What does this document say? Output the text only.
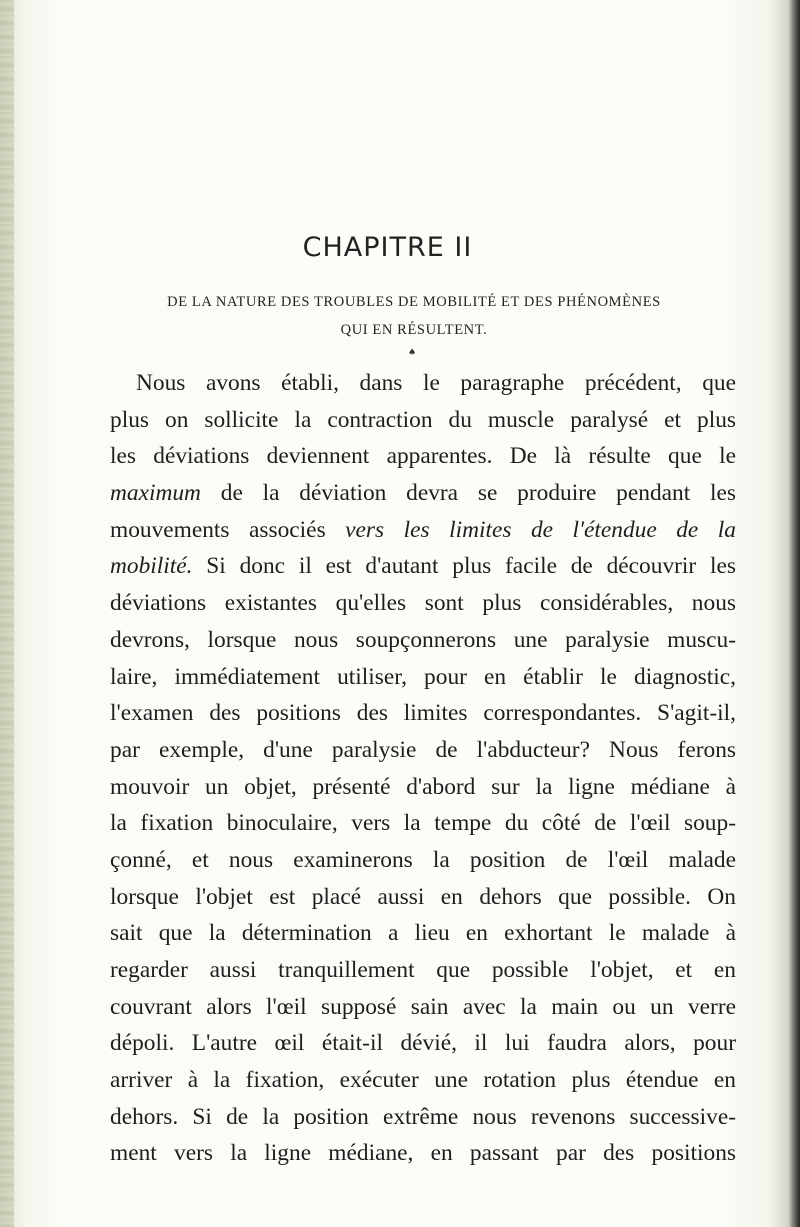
CHAPITRE II
DE LA NATURE DES TROUBLES DE MOBILITÉ ET DES PHÉNOMÈNES
QUI EN RÉSULTENT.
♠
Nous avons établi, dans le paragraphe précédent, que
plus on sollicite la contraction du muscle paralysé et plus
les déviations deviennent apparentes. De là résulte que le
maximum de la déviation devra se produire pendant les
mouvements associés vers les limites de l'étendue de la
mobilité. Si donc il est d'autant plus facile de découvrir les
déviations existantes qu'elles sont plus considérables, nous
devrons, lorsque nous soupçonnerons une paralysie muscu-
laire, immédiatement utiliser, pour en établir le diagnostic,
l'examen des positions des limites correspondantes. S'agit-il,
par exemple, d'une paralysie de l'abducteur? Nous ferons
mouvoir un objet, présenté d'abord sur la ligne médiane à
la fixation binoculaire, vers la tempe du côté de l'œil soup-
çonné, et nous examinerons la position de l'œil malade
lorsque l'objet est placé aussi en dehors que possible. On
sait que la détermination a lieu en exhortant le malade à
regarder aussi tranquillement que possible l'objet, et en
couvrant alors l'œil supposé sain avec la main ou un verre
dépoli. L'autre œil était-il dévié, il lui faudra alors, pour
arriver à la fixation, exécuter une rotation plus étendue en
dehors. Si de la position extrême nous revenons successive-
ment vers la ligne médiane, en passant par des positions
